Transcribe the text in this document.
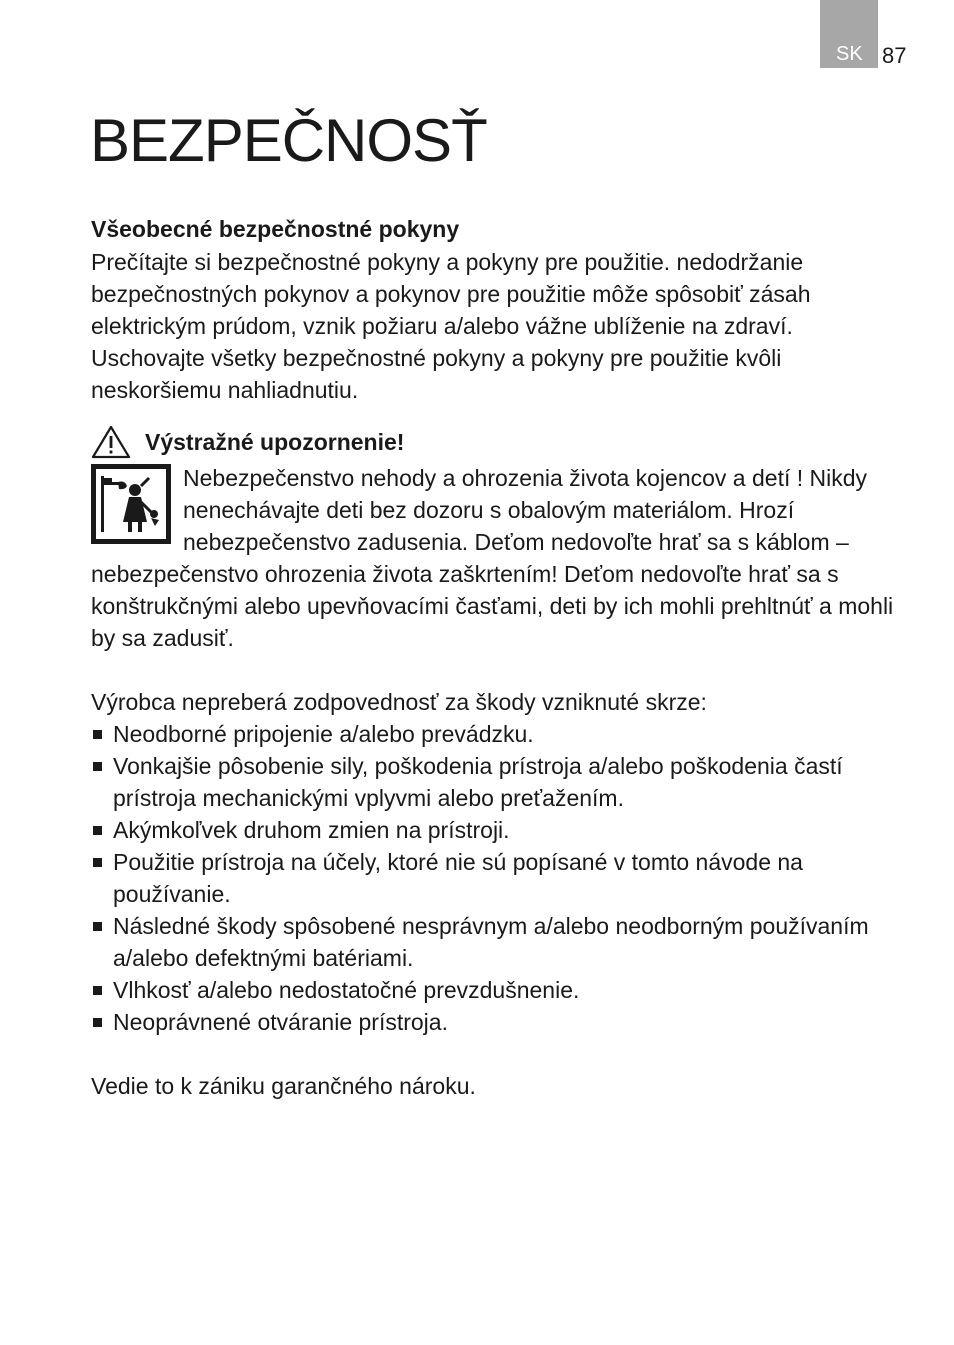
SK 87
BEZPEČNOSŤ

Všeobecné bezpečnostné pokyny

Prečítajte si bezpečnostné pokyny a pokyny pre použitie. nedodržanie bezpečnostných pokynov a pokynov pre použitie môže spôsobiť zásah elektrickým prúdom, vznik požiaru a/alebo vážne ublíženie na zdraví. Uschovajte všetky bezpečnostné pokyny a pokyny pre použitie kvôli neskoršiemu nahliadnutiu.

Výstražné upozornenie!

Nebezpečenstvo nehody a ohrozenia života kojencov a detí ! Nikdy nenechávajte deti bez dozoru s obalovým materiálom. Hrozí nebezpečenstvo zadusenia. Deťom nedovoľte hrať sa s káblom – nebezpečenstvo ohrozenia života zaškrtením! Deťom nedovoľte hrať sa s konštrukčnými alebo upevňovacími časťami, deti by ich mohli prehltnúť a mohli by sa zadusiť.

Výrobca nepreberá zodpovednosť za škody vzniknuté skrze:

Neodborné pripojenie a/alebo prevádzku.
Vonkajšie pôsobenie sily, poškodenia prístroja a/alebo poškodenia častí prístroja mechanickými vplyvmi alebo preťažením.
Akýmkoľvek druhom zmien na prístroji.
Použitie prístroja na účely, ktoré nie sú popísané v tomto návode na používanie.
Následné škody spôsobené nesprávnym a/alebo neodborným používaním a/alebo defektnými batériami.
Vlhkosť a/alebo nedostatočné prevzdušnenie.
Neoprávnené otváranie prístroja.

Vedie to k zániku garančného nároku.
